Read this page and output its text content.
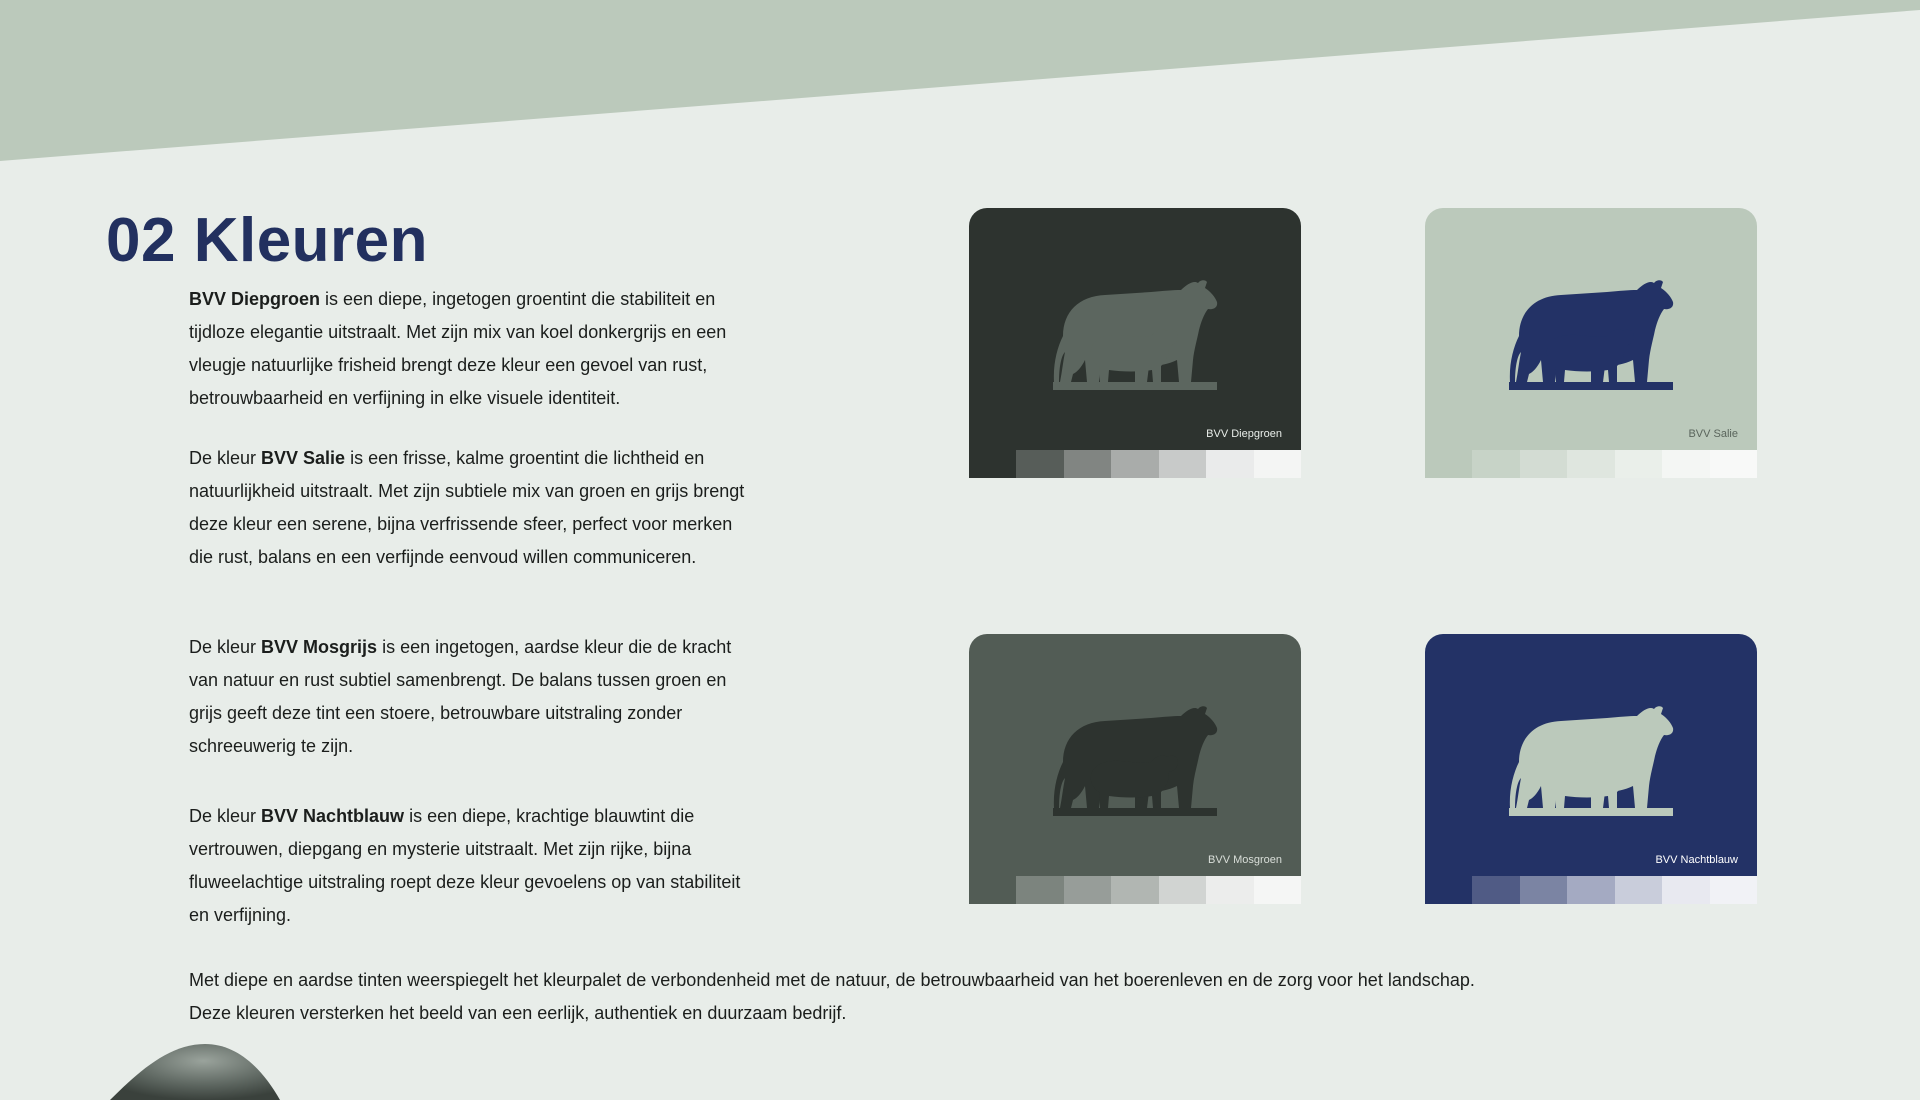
02 Kleuren

BVV Diepgroen is een diepe, ingetogen groentint die stabiliteit en tijdloze elegantie uitstraalt. Met zijn mix van koel donkergrijs en een vleugje natuurlijke frisheid brengt deze kleur een gevoel van rust, betrouwbaarheid en verfijning in elke visuele identiteit.

De kleur BVV Salie is een frisse, kalme groentint die lichtheid en natuurlijkheid uitstraalt. Met zijn subtiele mix van groen en grijs brengt deze kleur een serene, bijna verfrissende sfeer, perfect voor merken die rust, balans en een verfijnde eenvoud willen communiceren.

De kleur BVV Mosgrijs is een ingetogen, aardse kleur die de kracht van natuur en rust subtiel samenbrengt. De balans tussen groen en grijs geeft deze tint een stoere, betrouwbare uitstraling zonder schreeuwerig te zijn.

De kleur BVV Nachtblauw is een diepe, krachtige blauwtint die vertrouwen, diepgang en mysterie uitstraalt. Met zijn rijke, bijna fluweelachtige uitstraling roept deze kleur gevoelens op van stabiliteit en verfijning.

Met diepe en aardse tinten weerspiegelt het kleurpalet de verbondenheid met de natuur, de betrouwbaarheid van het boerenleven en de zorg voor het landschap.
Deze kleuren versterken het beeld van een eerlijk, authentiek en duurzaam bedrijf.

BVV Diepgroen	BVV Salie
BVV Mosgroen	BVV Nachtblauw
